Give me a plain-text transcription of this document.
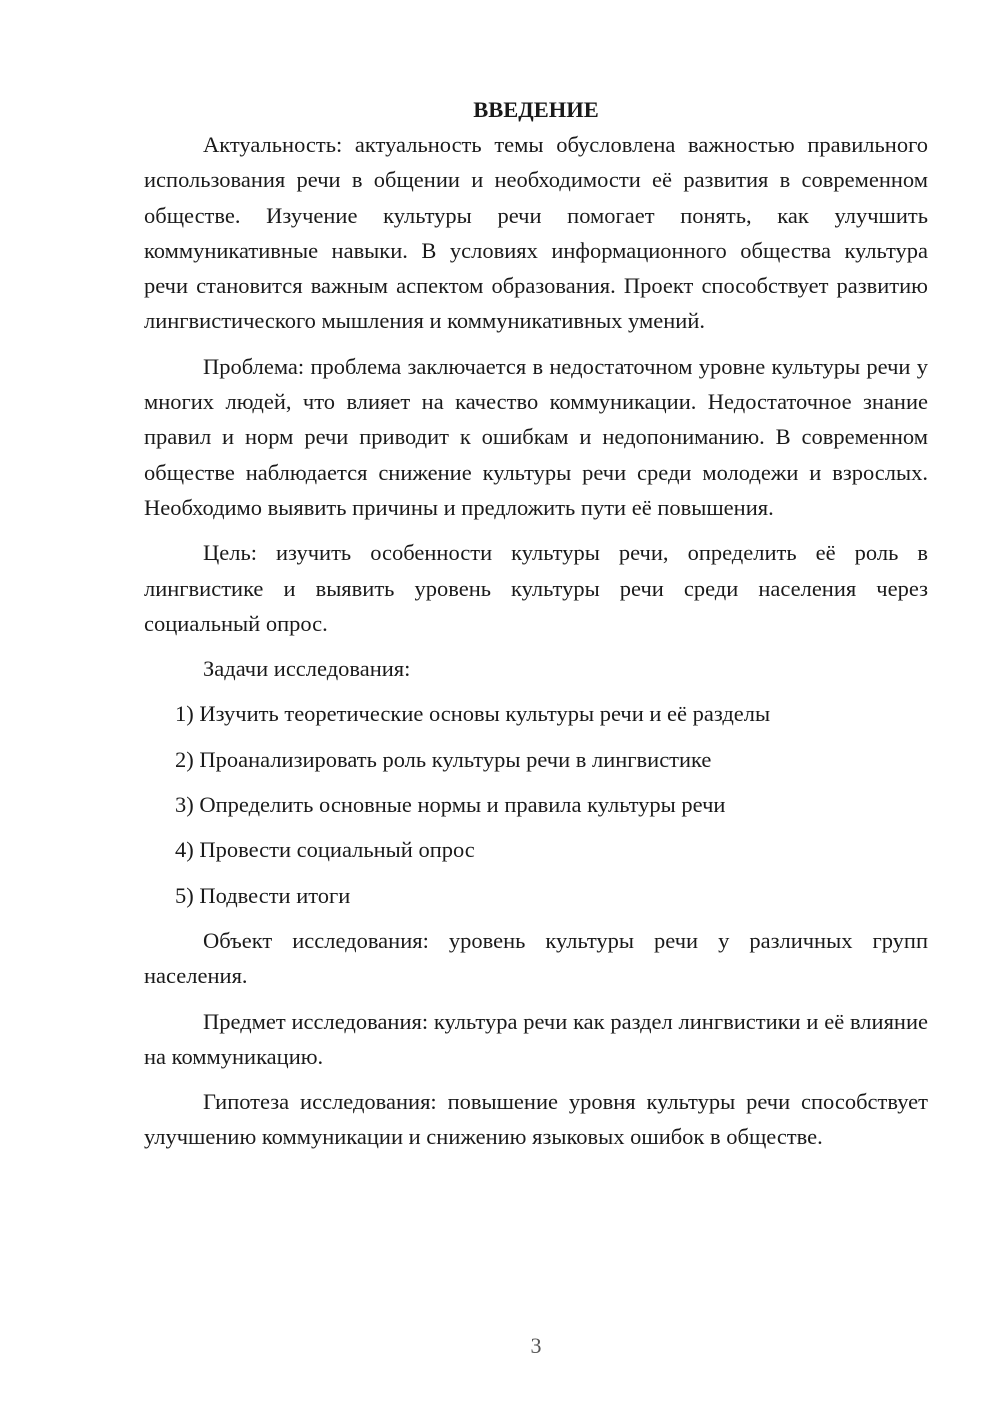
ВВЕДЕНИЕ

Актуальность: актуальность темы обусловлена важностью правильного использования речи в общении и необходимости её развития в современном обществе. Изучение культуры речи помогает понять, как улучшить коммуникативные навыки. В условиях информационного общества культура речи становится важным аспектом образования. Проект способствует развитию лингвистического мышления и коммуникативных умений.

Проблема: проблема заключается в недостаточном уровне культуры речи у многих людей, что влияет на качество коммуникации. Недостаточное знание правил и норм речи приводит к ошибкам и недопониманию. В современном обществе наблюдается снижение культуры речи среди молодежи и взрослых. Необходимо выявить причины и предложить пути её повышения.

Цель: изучить особенности культуры речи, определить её роль в лингвистике и выявить уровень культуры речи среди населения через социальный опрос.

Задачи исследования:

1) Изучить теоретические основы культуры речи и её разделы

2) Проанализировать роль культуры речи в лингвистике

3) Определить основные нормы и правила культуры речи

4) Провести социальный опрос

5) Подвести итоги

Объект исследования: уровень культуры речи у различных групп населения.

Предмет исследования: культура речи как раздел лингвистики и её влияние на коммуникацию.

Гипотеза исследования: повышение уровня культуры речи способствует улучшению коммуникации и снижению языковых ошибок в обществе.

3
